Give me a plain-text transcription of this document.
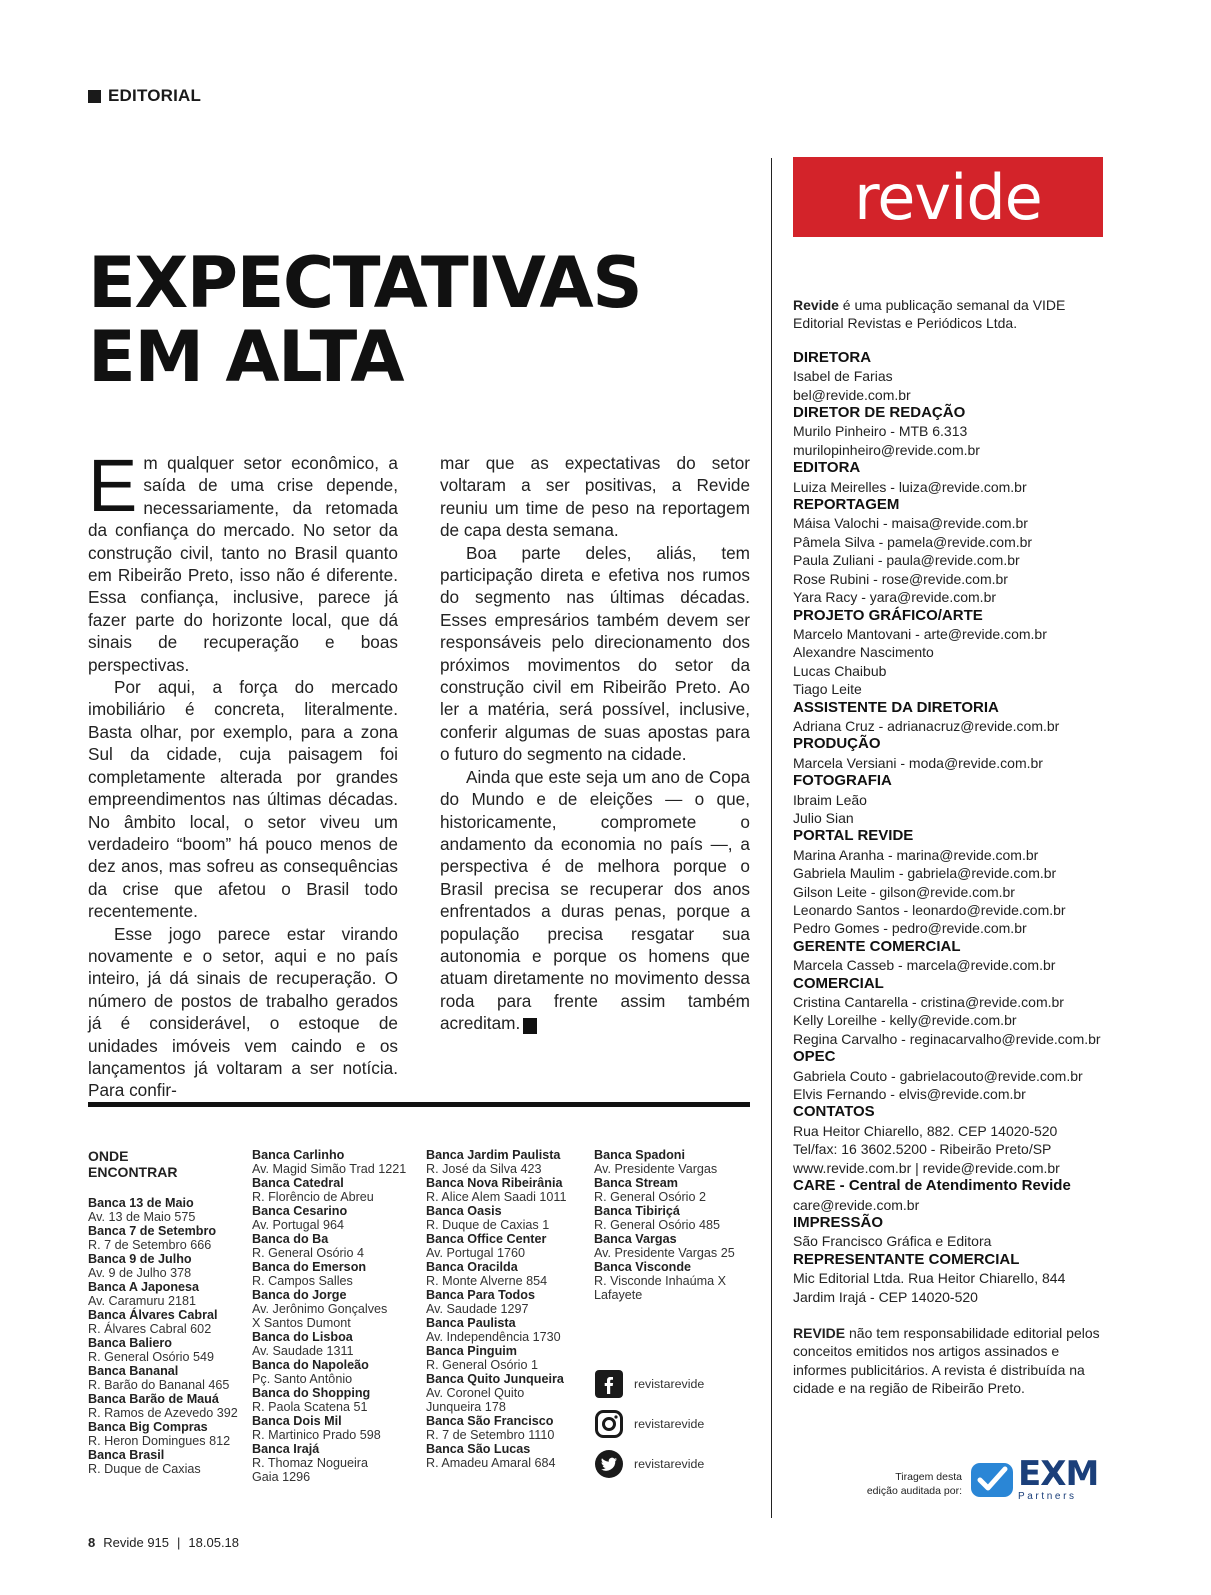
EDITORIAL
EXPECTATIVAS
EM ALTA

Em qualquer setor econômico, a saída de uma crise depende, necessariamente, da retomada da confiança do mercado. No setor da construção civil, tanto no Brasil quanto em Ribeirão Preto, isso não é diferente. Essa confiança, inclusive, parece já fazer parte do horizonte local, que dá sinais de recuperação e boas perspectivas.

Por aqui, a força do mercado imobiliário é concreta, literalmente. Basta olhar, por exemplo, para a zona Sul da cidade, cuja paisagem foi completamente alterada por grandes empreendimentos nas últimas décadas. No âmbito local, o setor viveu um verdadeiro “boom” há pouco menos de dez anos, mas sofreu as consequências da crise que afetou o Brasil todo recentemente.

Esse jogo parece estar virando novamente e o setor, aqui e no país inteiro, já dá sinais de recuperação. O número de postos de trabalho gerados já é considerável, o estoque de unidades imóveis vem caindo e os lançamentos já voltaram a ser notícia. Para confir-

mar que as expectativas do setor voltaram a ser positivas, a Revide reuniu um time de peso na reportagem de capa desta semana.

Boa parte deles, aliás, tem participação direta e efetiva nos rumos do segmento nas últimas décadas. Esses empresários também devem ser responsáveis pelo direcionamento dos próximos movimentos do setor da construção civil em Ribeirão Preto. Ao ler a matéria, será possível, inclusive, conferir algumas de suas apostas para o futuro do segmento na cidade.

Ainda que este seja um ano de Copa do Mundo e de eleições — o que, historicamente, compromete o andamento da economia no país —, a perspectiva é de melhora porque o Brasil precisa se recuperar dos anos enfrentados a duras penas, porque a população precisa resgatar sua autonomia e porque os homens que atuam diretamente no movimento dessa roda para frente assim também acreditam. r

ONDE
ENCONTRAR
Banca 13 de Maio
Av. 13 de Maio 575
Banca 7 de Setembro
R. 7 de Setembro 666
Banca 9 de Julho
Av. 9 de Julho 378
Banca A Japonesa
Av. Caramuru 2181
Banca Álvares Cabral
R. Álvares Cabral 602
Banca Baliero
R. General Osório 549
Banca Bananal
R. Barão do Bananal 465
Banca Barão de Mauá
R. Ramos de Azevedo 392
Banca Big Compras
R. Heron Domingues 812
Banca Brasil
R. Duque de Caxias
Banca Carlinho
Av. Magid Simão Trad 1221
Banca Catedral
R. Florêncio de Abreu
Banca Cesarino
Av. Portugal 964
Banca do Ba
R. General Osório 4
Banca do Emerson
R. Campos Salles
Banca do Jorge
Av. Jerônimo Gonçalves
X Santos Dumont
Banca do Lisboa
Av. Saudade 1311
Banca do Napoleão
Pç. Santo Antônio
Banca do Shopping
R. Paola Scatena 51
Banca Dois Mil
R. Martinico Prado 598
Banca Irajá
R. Thomaz Nogueira
Gaia 1296
Banca Jardim Paulista
R. José da Silva 423
Banca Nova Ribeirânia
R. Alice Alem Saadi 1011
Banca Oasis
R. Duque de Caxias 1
Banca Office Center
Av. Portugal 1760
Banca Oracilda
R. Monte Alverne 854
Banca Para Todos
Av. Saudade 1297
Banca Paulista
Av. Independência 1730
Banca Pinguim
R. General Osório 1
Banca Quito Junqueira
Av. Coronel Quito
Junqueira 178
Banca São Francisco
R. 7 de Setembro 1110
Banca São Lucas
R. Amadeu Amaral 684
Banca Spadoni
Av. Presidente Vargas
Banca Stream
R. General Osório 2
Banca Tibiriçá
R. General Osório 485
Banca Vargas
Av. Presidente Vargas 25
Banca Visconde
R. Visconde Inhaúma X
Lafayete
revistarevide
revistarevide
revistarevide
revide
Revide é uma publicação semanal da VIDE Editorial Revistas e Periódicos Ltda.
DIRETORA
Isabel de Farias
bel@revide.com.br
DIRETOR DE REDAÇÃO
Murilo Pinheiro - MTB 6.313
murilopinheiro@revide.com.br
EDITORA
Luiza Meirelles - luiza@revide.com.br
REPORTAGEM
Máisa Valochi - maisa@revide.com.br
Pâmela Silva - pamela@revide.com.br
Paula Zuliani - paula@revide.com.br
Rose Rubini - rose@revide.com.br
Yara Racy - yara@revide.com.br
PROJETO GRÁFICO/ARTE
Marcelo Mantovani - arte@revide.com.br
Alexandre Nascimento
Lucas Chaibub
Tiago Leite
ASSISTENTE DA DIRETORIA
Adriana Cruz - adrianacruz@revide.com.br
PRODUÇÃO
Marcela Versiani - moda@revide.com.br
FOTOGRAFIA
Ibraim Leão
Julio Sian
PORTAL REVIDE
Marina Aranha - marina@revide.com.br
Gabriela Maulim - gabriela@revide.com.br
Gilson Leite - gilson@revide.com.br
Leonardo Santos - leonardo@revide.com.br
Pedro Gomes - pedro@revide.com.br
GERENTE COMERCIAL
Marcela Casseb - marcela@revide.com.br
COMERCIAL
Cristina Cantarella - cristina@revide.com.br
Kelly Loreilhe - kelly@revide.com.br
Regina Carvalho - reginacarvalho@revide.com.br
OPEC
Gabriela Couto - gabrielacouto@revide.com.br
Elvis Fernando - elvis@revide.com.br
CONTATOS
Rua Heitor Chiarello, 882. CEP 14020-520
Tel/fax: 16 3602.5200 - Ribeirão Preto/SP
www.revide.com.br | revide@revide.com.br
CARE - Central de Atendimento Revide
care@revide.com.br
IMPRESSÃO
São Francisco Gráfica e Editora
REPRESENTANTE COMERCIAL
Mic Editorial Ltda. Rua Heitor Chiarello, 844
Jardim Irajá - CEP 14020-520
REVIDE não tem responsabilidade editorial pelos conceitos emitidos nos artigos assinados e informes publicitários. A revista é distribuída na cidade e na região de Ribeirão Preto.
Tiragem desta
edição auditada por: EXM
Partners
8 Revide 915 | 18.05.18
